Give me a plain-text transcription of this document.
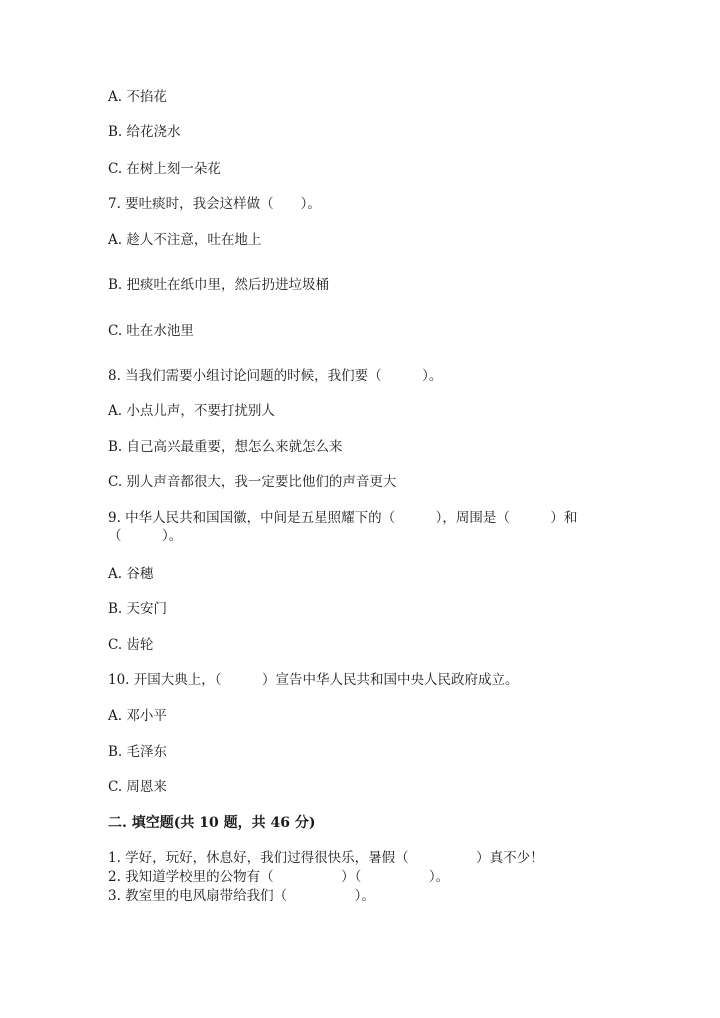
A. 不掐花
B. 给花浇水
C. 在树上刻一朵花
7. 要吐痰时，我会这样做（　　）。
A. 趁人不注意，吐在地上
B. 把痰吐在纸巾里，然后扔进垃圾桶
C. 吐在水池里
8. 当我们需要小组讨论问题的时候，我们要（　　　）。
A. 小点儿声，不要打扰别人
B. 自己高兴最重要，想怎么来就怎么来
C. 别人声音都很大，我一定要比他们的声音更大
9. 中华人民共和国国徽，中间是五星照耀下的（　　　），周围是（　　　）和（　　　）。
A. 谷穗
B. 天安门
C. 齿轮
10. 开国大典上，（　　　）宣告中华人民共和国中央人民政府成立。
A. 邓小平
B. 毛泽东
C. 周恩来
二. 填空题(共 10 题，共 46 分)
1. 学好，玩好，休息好，我们过得很快乐，暑假（　　　　　）真不少！
2. 我知道学校里的公物有（　　　　　）（　　　　　）。
3. 教室里的电风扇带给我们（　　　　　）。
